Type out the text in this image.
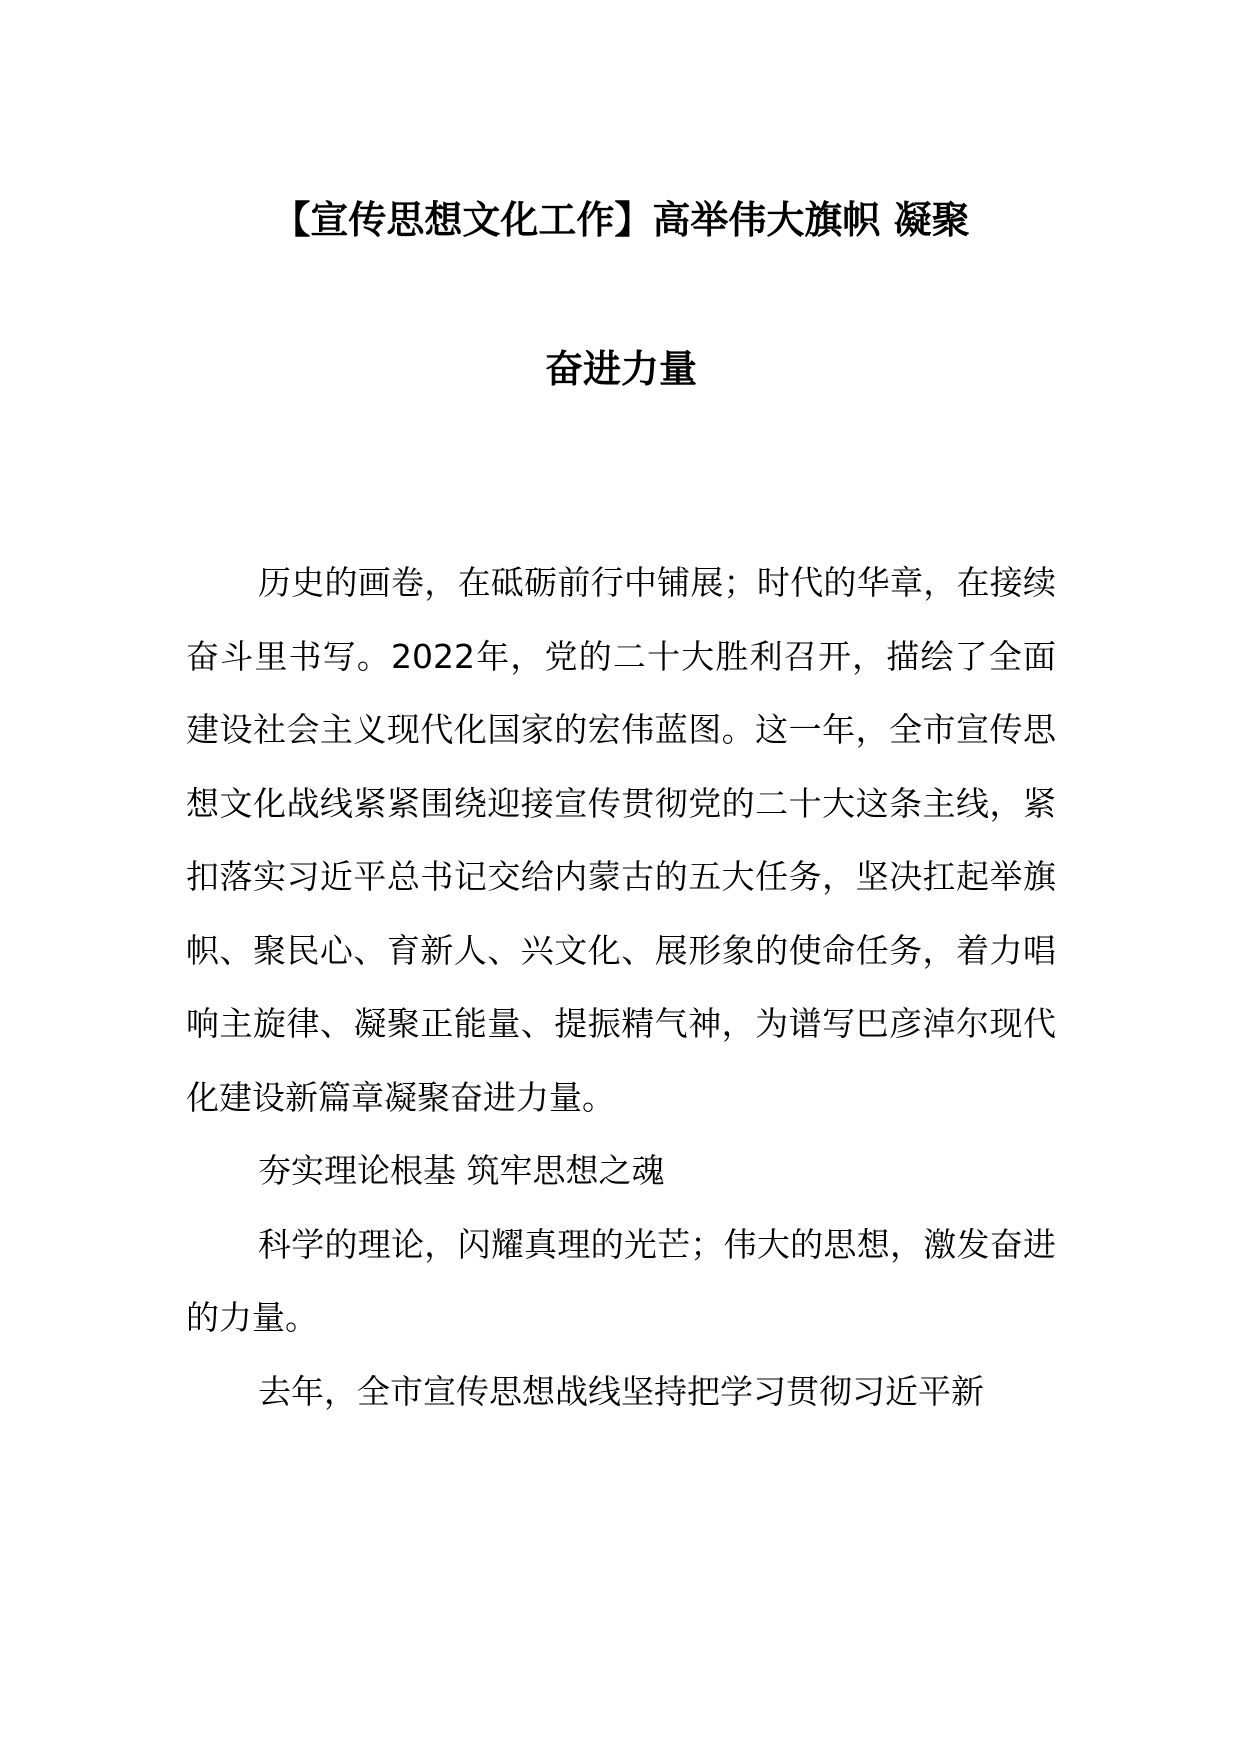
【宣传思想文化工作】高举伟大旗帜 凝聚
奋进力量

历史的画卷，在砥砺前行中铺展；时代的华章，在接续奋斗里书写。2022年，党的二十大胜利召开，描绘了全面建设社会主义现代化国家的宏伟蓝图。这一年，全市宣传思想文化战线紧紧围绕迎接宣传贯彻党的二十大这条主线，紧扣落实习近平总书记交给内蒙古的五大任务，坚决扛起举旗帜、聚民心、育新人、兴文化、展形象的使命任务，着力唱响主旋律、凝聚正能量、提振精气神，为谱写巴彦淖尔现代化建设新篇章凝聚奋进力量。

夯实理论根基 筑牢思想之魂

科学的理论，闪耀真理的光芒；伟大的思想，激发奋进的力量。

去年，全市宣传思想战线坚持把学习贯彻习近平新
